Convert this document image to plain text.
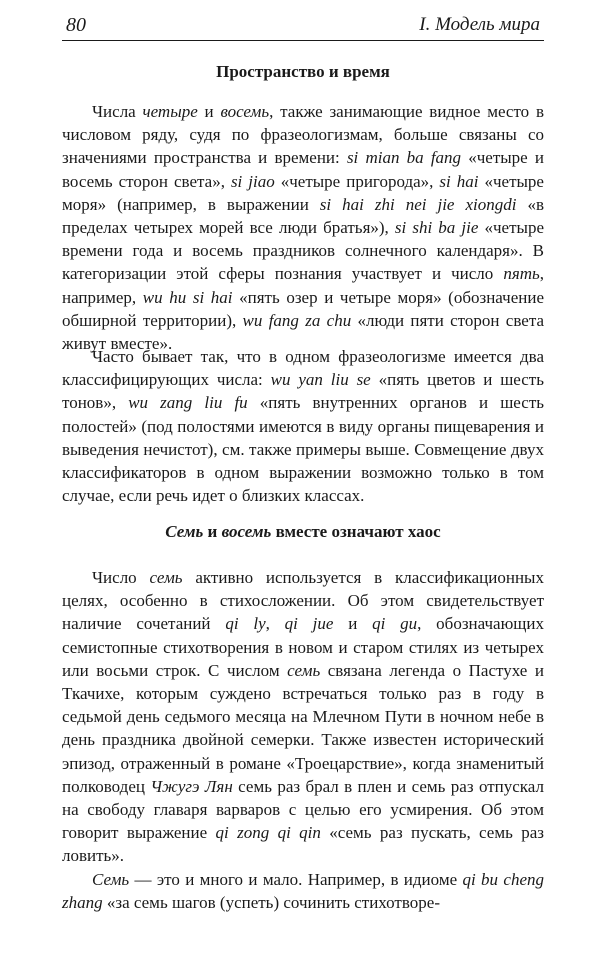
80	I. Модель мира
Пространство и время
Числа четыре и восемь, также занимающие видное место в числовом ряду, судя по фразеологизмам, больше связаны со значениями пространства и времени: si mian ba fang «четыре и восемь сторон света», si jiao «четыре пригорода», si hai «четыре моря» (например, в выражении si hai zhi nei jie xiongdi «в пределах четырех морей все люди братья»), si shi ba jie «четыре времени года и восемь праздников солнечного календаря». В категоризации этой сферы познания участвует и число пять, например, wu hu si hai «пять озер и четыре моря» (обозначение обширной территории), wu fang za chu «люди пяти сторон света живут вместе».
Часто бывает так, что в одном фразеологизме имеется два классифицирующих числа: wu yan liu se «пять цветов и шесть тонов», wu zang liu fu «пять внутренних органов и шесть полостей» (под полостями имеются в виду органы пищеварения и выведения нечистот), см. также примеры выше. Совмещение двух классификаторов в одном выражении возможно только в том случае, если речь идет о близких классах.
Семь и восемь вместе означают хаос
Число семь активно используется в классификационных целях, особенно в стихосложении. Об этом свидетельствует наличие сочетаний qi ly, qi jue и qi gu, обозначающих семистопные стихотворения в новом и старом стилях из четырех или восьми строк. С числом семь связана легенда о Пастухе и Ткачихе, которым суждено встречаться только раз в году в седьмой день седьмого месяца на Млечном Пути в ночном небе в день праздника двойной семерки. Также известен исторический эпизод, отраженный в романе «Троецарствие», когда знаменитый полководец Чжугэ Лян семь раз брал в плен и семь раз отпускал на свободу главаря варваров с целью его усмирения. Об этом говорит выражение qi zong qi qin «семь раз пускать, семь раз ловить».
Семь — это и много и мало. Например, в идиоме qi bu cheng zhang «за семь шагов (успеть) сочинить стихотворе-
